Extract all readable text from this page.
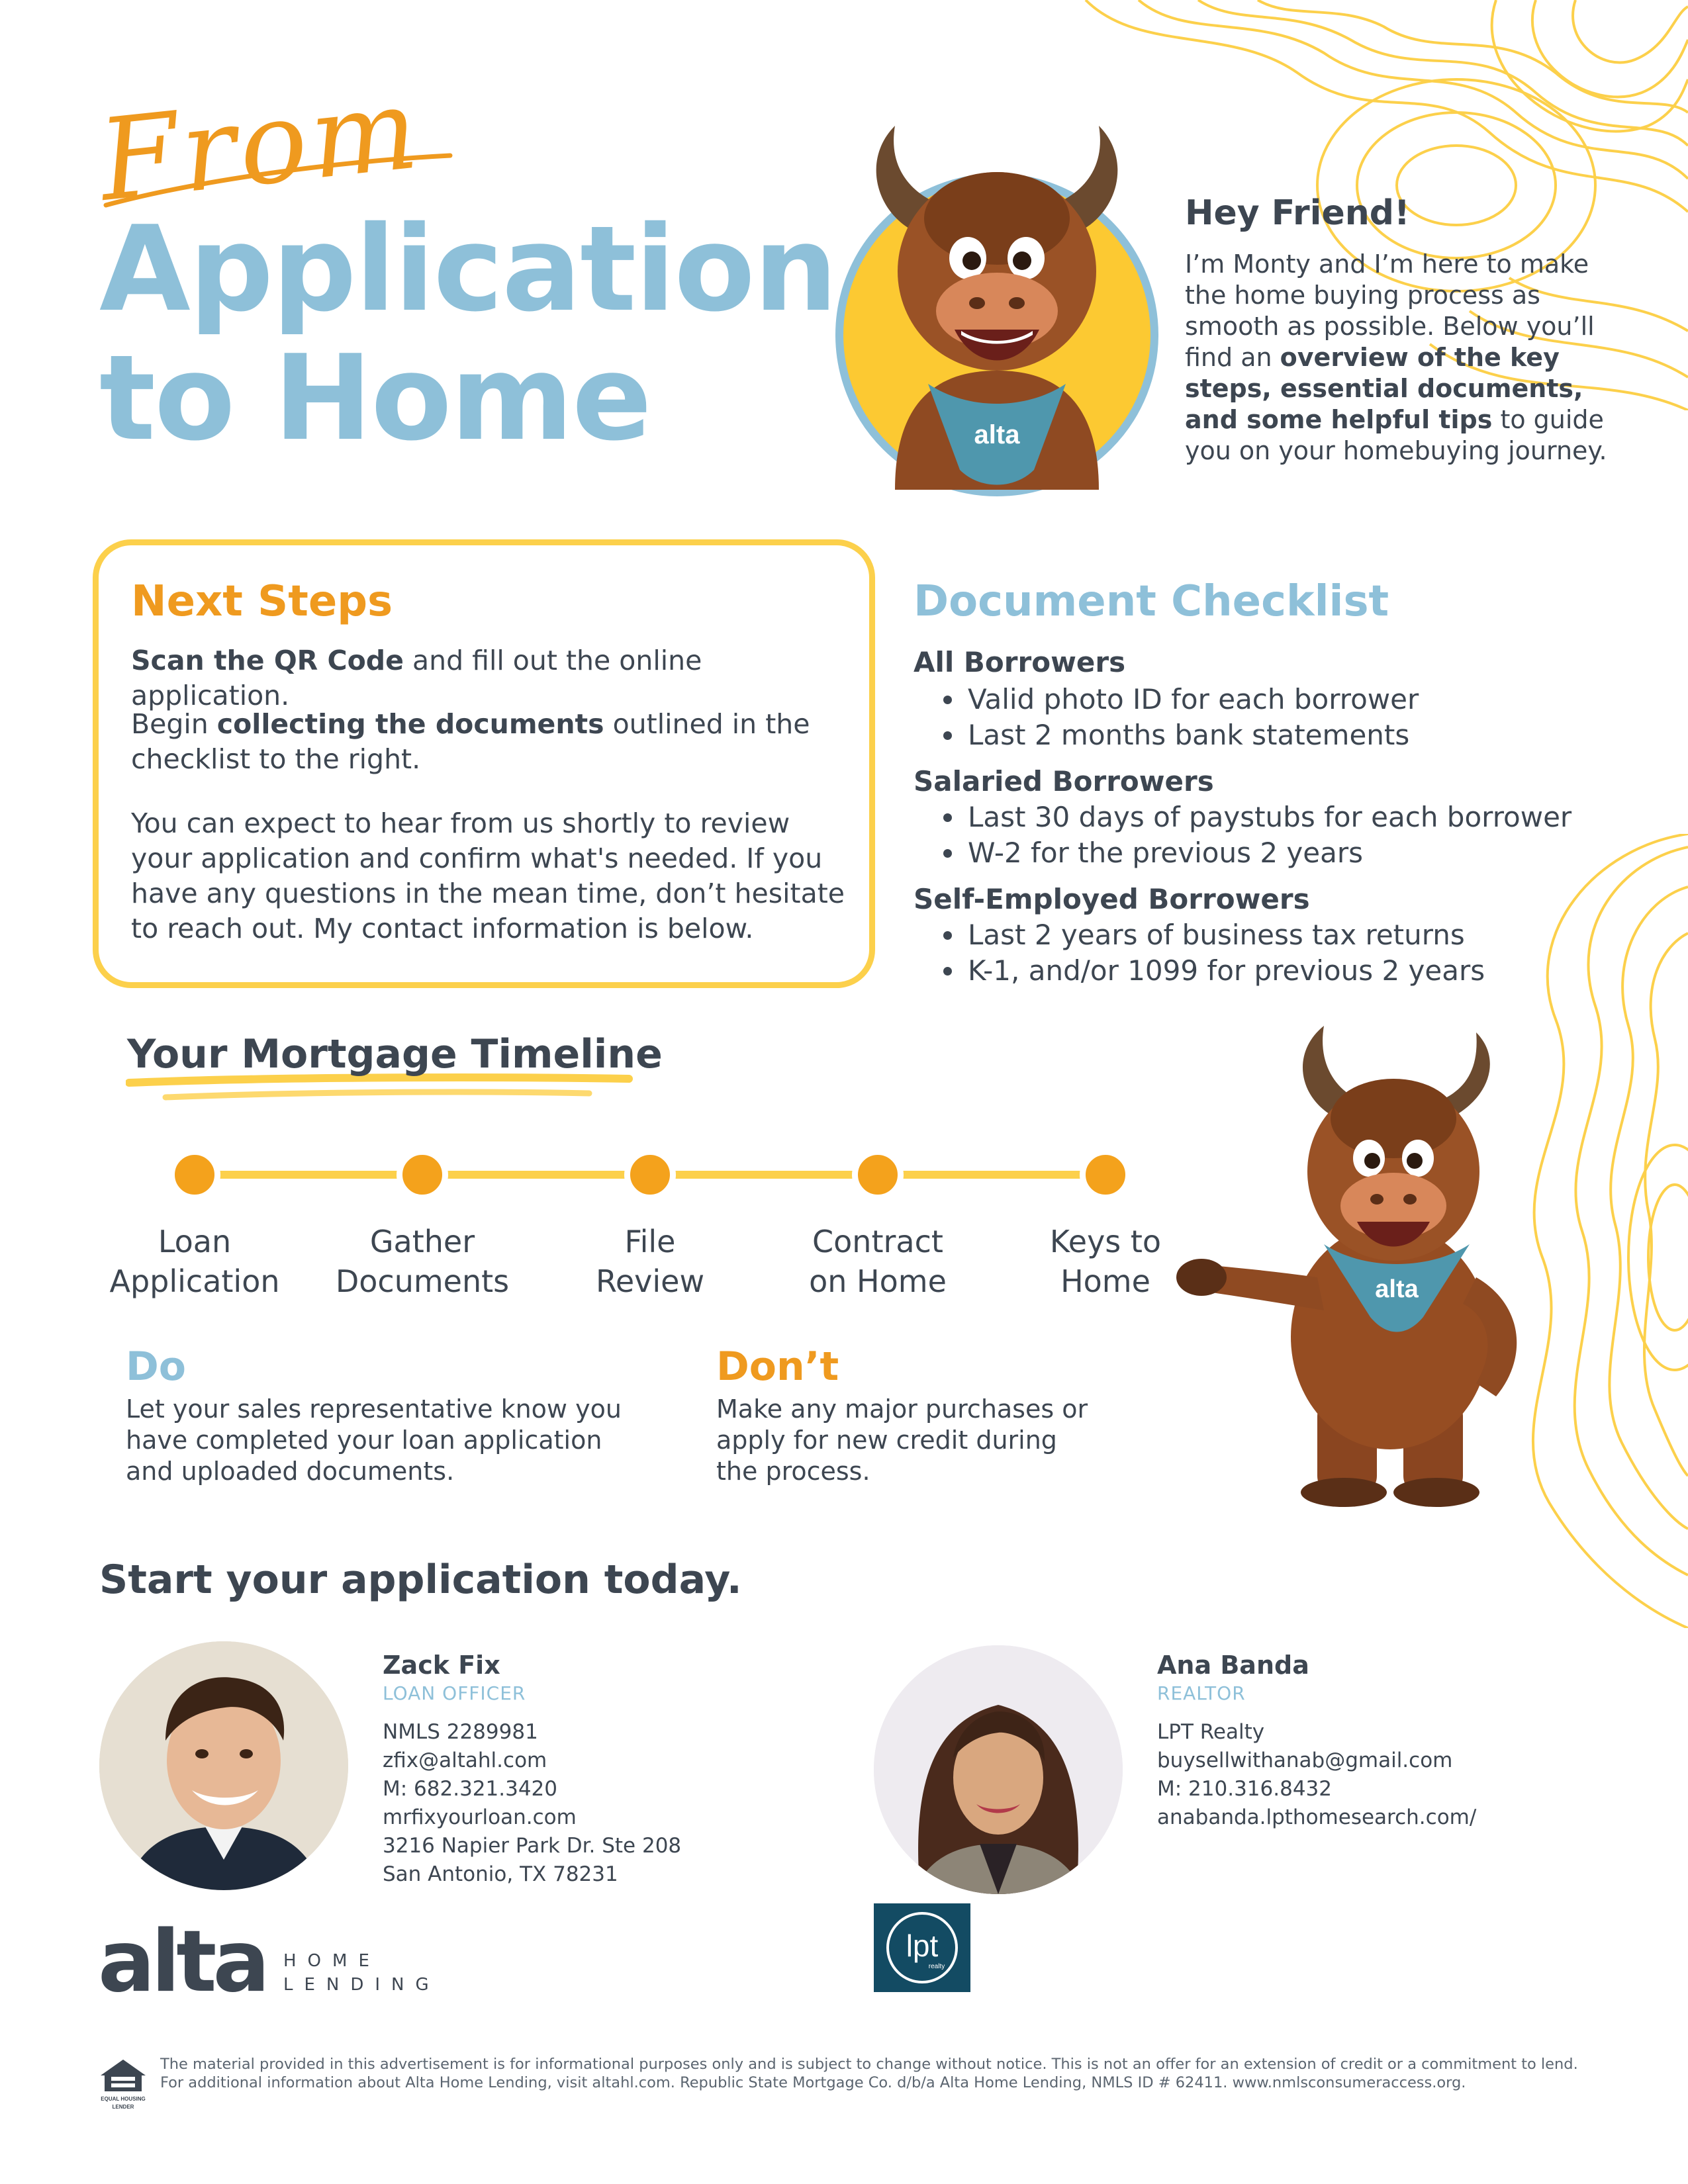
From
Application
to Home	alta
Hey Friend!
I’m Monty and I’m here to make the home buying process as smooth as possible. Below you’ll find an overview of the key steps, essential documents, and some helpful tips to guide you on your homebuying journey.
Next Steps
Scan the QR Code and fill out the online application.
Begin collecting the documents outlined in the checklist to the right.
You can expect to hear from us shortly to review your application and confirm what's needed. If you have any questions in the mean time, don’t hesitate to reach out. My contact information is below.
Document Checklist
All Borrowers
• Valid photo ID for each borrower
• Last 2 months bank statements
Salaried Borrowers
• Last 30 days of paystubs for each borrower
• W-2 for the previous 2 years
Self-Employed Borrowers
• Last 2 years of business tax returns
• K-1, and/or 1099 for previous 2 years
Your Mortgage Timeline
Loan
Application
Gather
Documents
File
Review
Contract
on Home
Keys to
Home
Do
Let your sales representative know you have completed your loan application and uploaded documents.
Don’t
Make any major purchases or apply for new credit during the process.
alta
Start your application today.
Zack Fix
LOAN OFFICER
NMLS 2289981
zfix@altahl.com
M: 682.321.3420
mrfixyourloan.com
3216 Napier Park Dr. Ste 208
San Antonio, TX 78231
Ana Banda
REALTOR
LPT Realty
buysellwithanab@gmail.com
M: 210.316.8432
anabanda.lpthomesearch.com/
alta HOME
LENDING
lpt
realty
EQUAL HOUSING
LENDER
The material provided in this advertisement is for informational purposes only and is subject to change without notice. This is not an offer for an extension of credit or a commitment to lend. For additional information about Alta Home Lending, visit altahl.com. Republic State Mortgage Co. d/b/a Alta Home Lending, NMLS ID # 62411. www.nmlsconsumeraccess.org.
